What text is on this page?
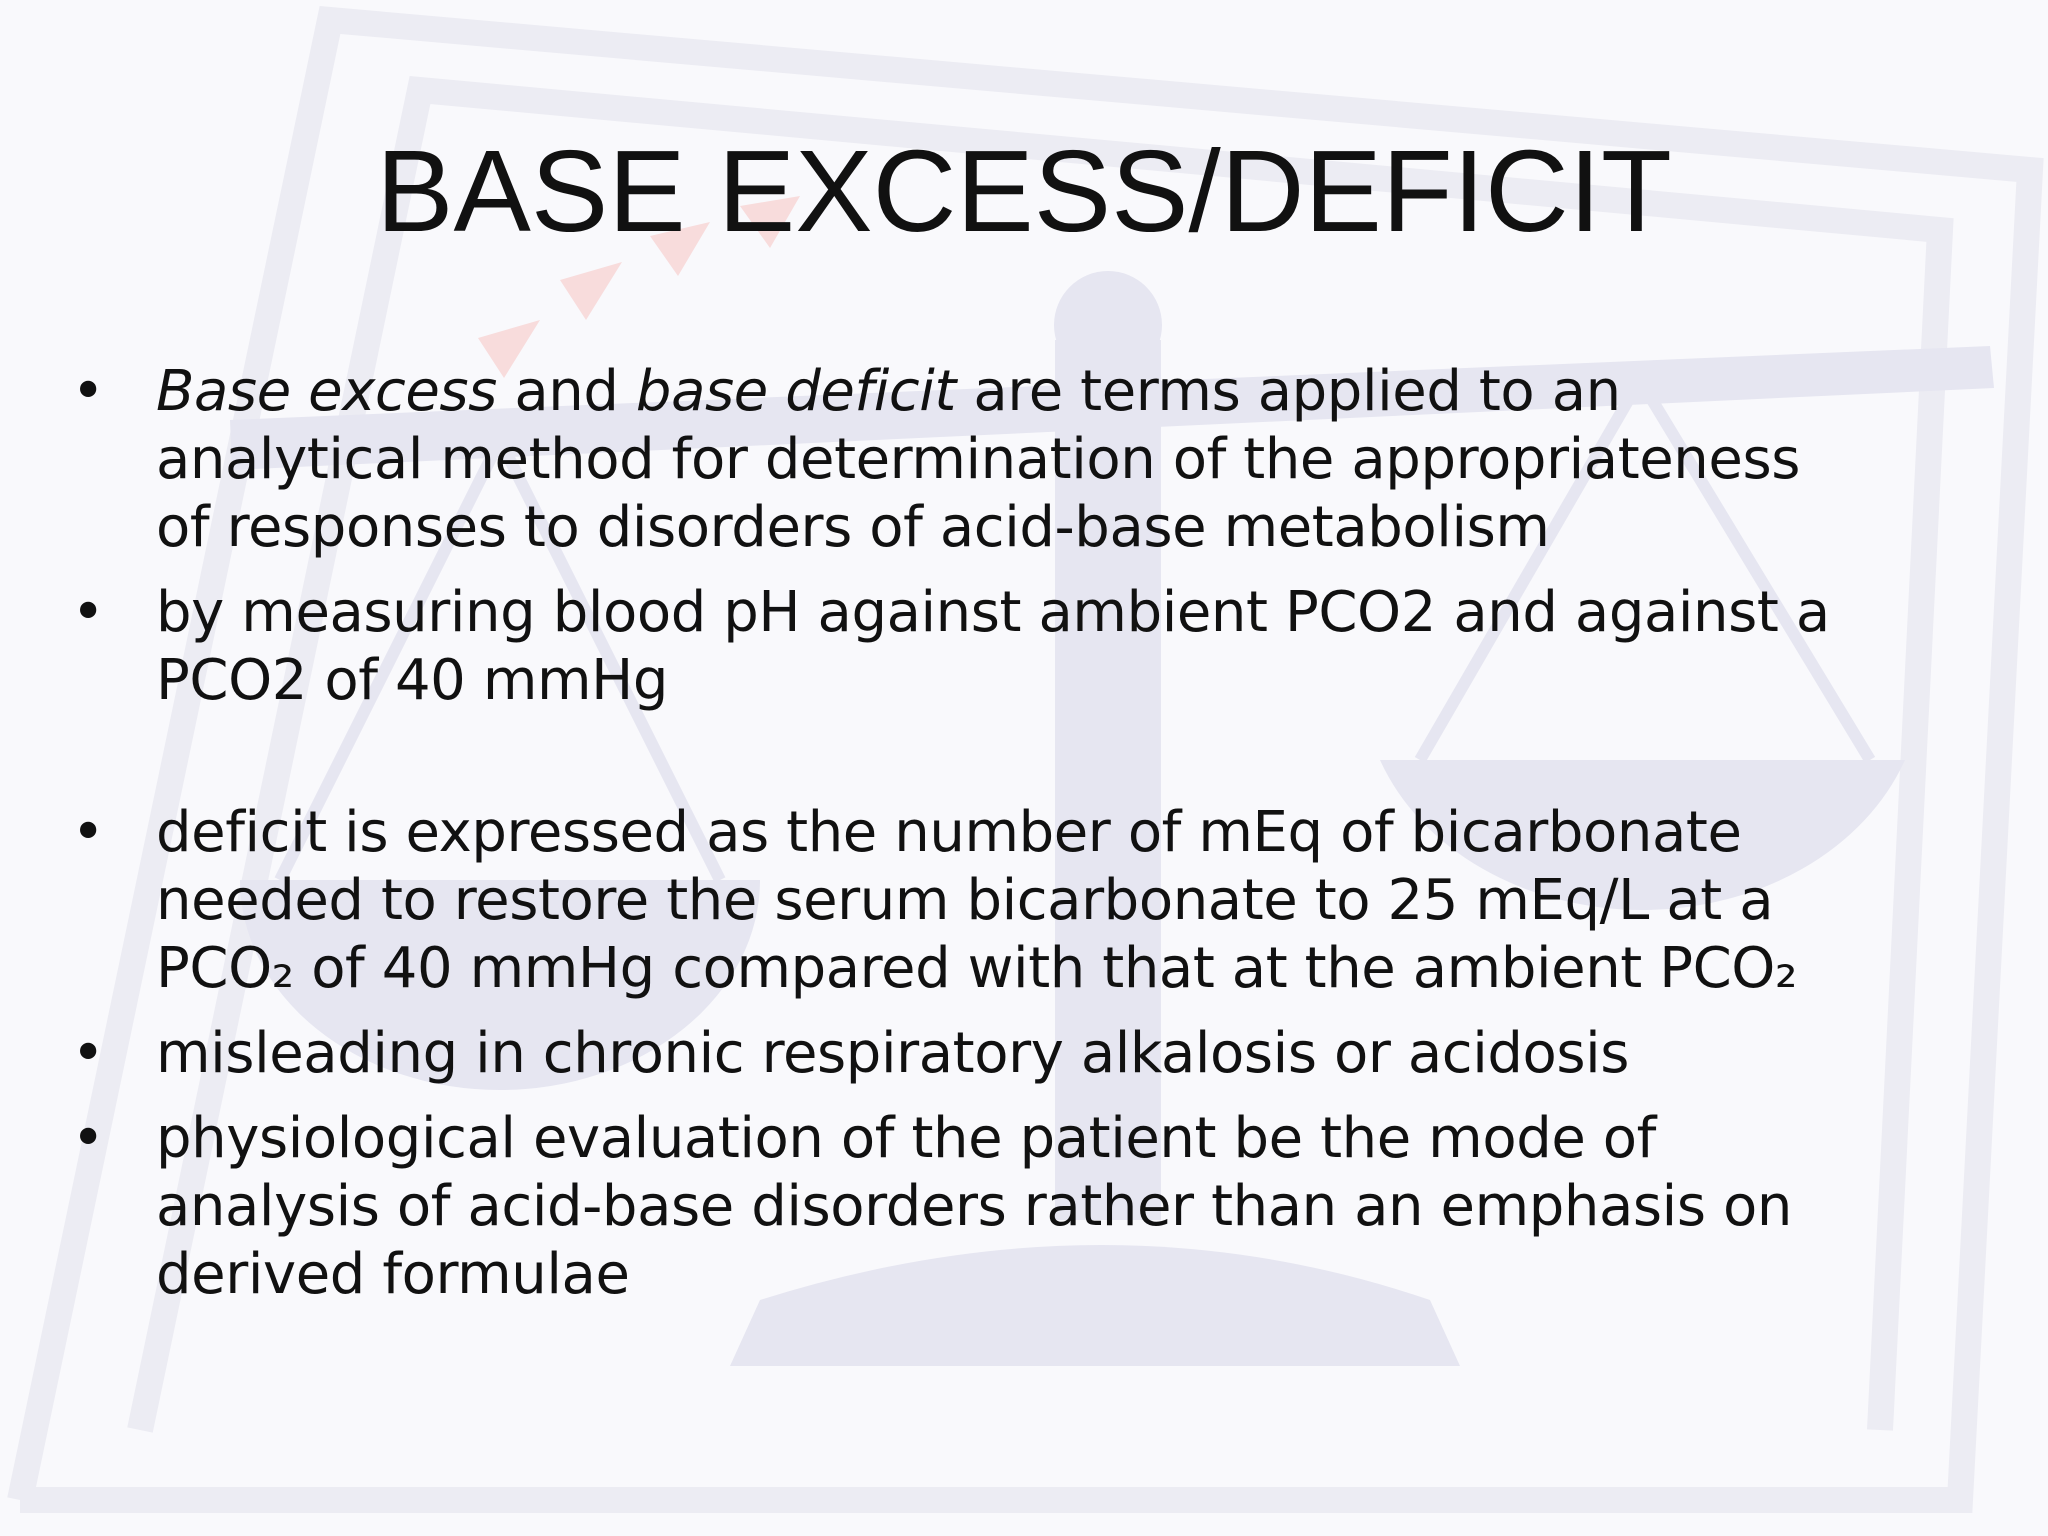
BASE EXCESS/DEFICIT
• Base excess and base deficit are terms applied to an
analytical method for determination of the appropriateness
of responses to disorders of acid-base metabolism
• by measuring blood pH against ambient PCO2 and against a
PCO2 of 40 mmHg
• deficit is expressed as the number of mEq of bicarbonate
needed to restore the serum bicarbonate to 25 mEq/L at a
PCO₂ of 40 mmHg compared with that at the ambient PCO₂
• misleading in chronic respiratory alkalosis or acidosis
• physiological evaluation of the patient be the mode of
analysis of acid-base disorders rather than an emphasis on
derived formulae
